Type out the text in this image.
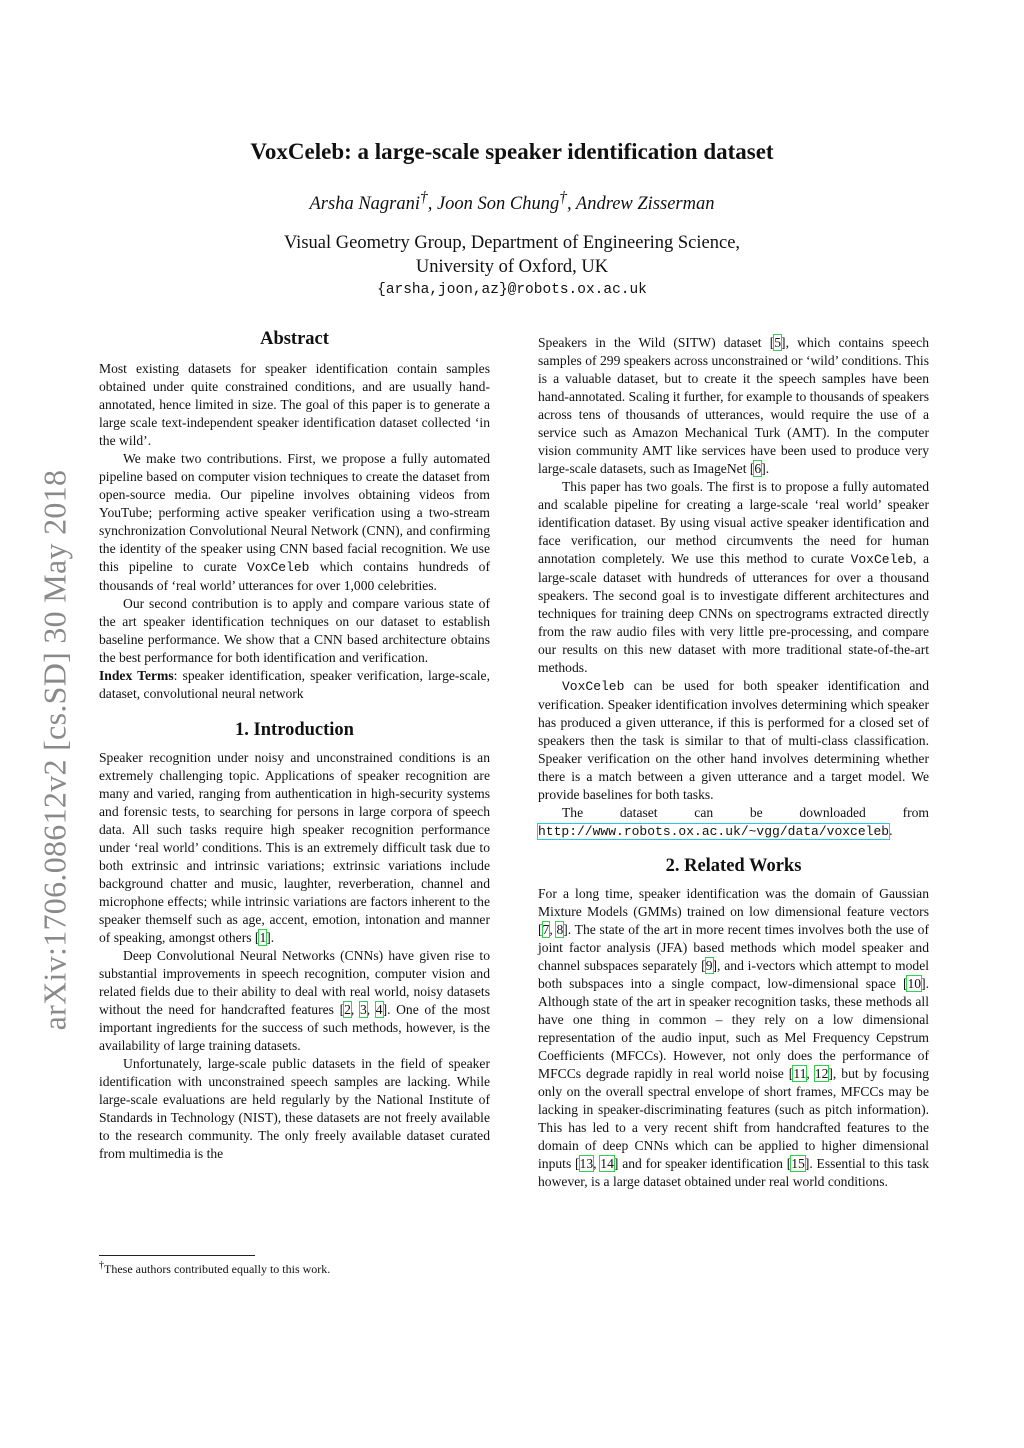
arXiv:1706.08612v2 [cs.SD] 30 May 2018
VoxCeleb: a large-scale speaker identification dataset
Arsha Nagrani†, Joon Son Chung†, Andrew Zisserman
Visual Geometry Group, Department of Engineering Science,
University of Oxford, UK
{arsha,joon,az}@robots.ox.ac.uk
Abstract

Most existing datasets for speaker identification contain samples obtained under quite constrained conditions, and are usually hand-annotated, hence limited in size. The goal of this paper is to generate a large scale text-independent speaker identification dataset collected ‘in the wild’.

We make two contributions. First, we propose a fully automated pipeline based on computer vision techniques to create the dataset from open-source media. Our pipeline involves obtaining videos from YouTube; performing active speaker verification using a two-stream synchronization Convolutional Neural Network (CNN), and confirming the identity of the speaker using CNN based facial recognition. We use this pipeline to curate VoxCeleb which contains hundreds of thousands of ‘real world’ utterances for over 1,000 celebrities.

Our second contribution is to apply and compare various state of the art speaker identification techniques on our dataset to establish baseline performance. We show that a CNN based architecture obtains the best performance for both identification and verification.

Index Terms: speaker identification, speaker verification, large-scale, dataset, convolutional neural network

1. Introduction

Speaker recognition under noisy and unconstrained conditions is an extremely challenging topic. Applications of speaker recognition are many and varied, ranging from authentication in high-security systems and forensic tests, to searching for persons in large corpora of speech data. All such tasks require high speaker recognition performance under ‘real world’ conditions. This is an extremely difficult task due to both extrinsic and intrinsic variations; extrinsic variations include background chatter and music, laughter, reverberation, channel and microphone effects; while intrinsic variations are factors inherent to the speaker themself such as age, accent, emotion, intonation and manner of speaking, amongst others [1].

Deep Convolutional Neural Networks (CNNs) have given rise to substantial improvements in speech recognition, computer vision and related fields due to their ability to deal with real world, noisy datasets without the need for handcrafted features [2, 3, 4]. One of the most important ingredients for the success of such methods, however, is the availability of large training datasets.

Unfortunately, large-scale public datasets in the field of speaker identification with unconstrained speech samples are lacking. While large-scale evaluations are held regularly by the National Institute of Standards in Technology (NIST), these datasets are not freely available to the research community. The only freely available dataset curated from multimedia is the

Speakers in the Wild (SITW) dataset [5], which contains speech samples of 299 speakers across unconstrained or ‘wild’ conditions. This is a valuable dataset, but to create it the speech samples have been hand-annotated. Scaling it further, for example to thousands of speakers across tens of thousands of utterances, would require the use of a service such as Amazon Mechanical Turk (AMT). In the computer vision community AMT like services have been used to produce very large-scale datasets, such as ImageNet [6].

This paper has two goals. The first is to propose a fully automated and scalable pipeline for creating a large-scale ‘real world’ speaker identification dataset. By using visual active speaker identification and face verification, our method circumvents the need for human annotation completely. We use this method to curate VoxCeleb, a large-scale dataset with hundreds of utterances for over a thousand speakers. The second goal is to investigate different architectures and techniques for training deep CNNs on spectrograms extracted directly from the raw audio files with very little pre-processing, and compare our results on this new dataset with more traditional state-of-the-art methods.

VoxCeleb can be used for both speaker identification and verification. Speaker identification involves determining which speaker has produced a given utterance, if this is performed for a closed set of speakers then the task is similar to that of multi-class classification. Speaker verification on the other hand involves determining whether there is a match between a given utterance and a target model. We provide baselines for both tasks.

The dataset can be downloaded from http://www.robots.ox.ac.uk/~vgg/data/voxceleb.

2. Related Works

For a long time, speaker identification was the domain of Gaussian Mixture Models (GMMs) trained on low dimensional feature vectors [7, 8]. The state of the art in more recent times involves both the use of joint factor analysis (JFA) based methods which model speaker and channel subspaces separately [9], and i-vectors which attempt to model both subspaces into a single compact, low-dimensional space [10]. Although state of the art in speaker recognition tasks, these methods all have one thing in common – they rely on a low dimensional representation of the audio input, such as Mel Frequency Cepstrum Coefficients (MFCCs). However, not only does the performance of MFCCs degrade rapidly in real world noise [11, 12], but by focusing only on the overall spectral envelope of short frames, MFCCs may be lacking in speaker-discriminating features (such as pitch information). This has led to a very recent shift from handcrafted features to the domain of deep CNNs which can be applied to higher dimensional inputs [13, 14] and for speaker identification [15]. Essential to this task however, is a large dataset obtained under real world conditions.

†These authors contributed equally to this work.
